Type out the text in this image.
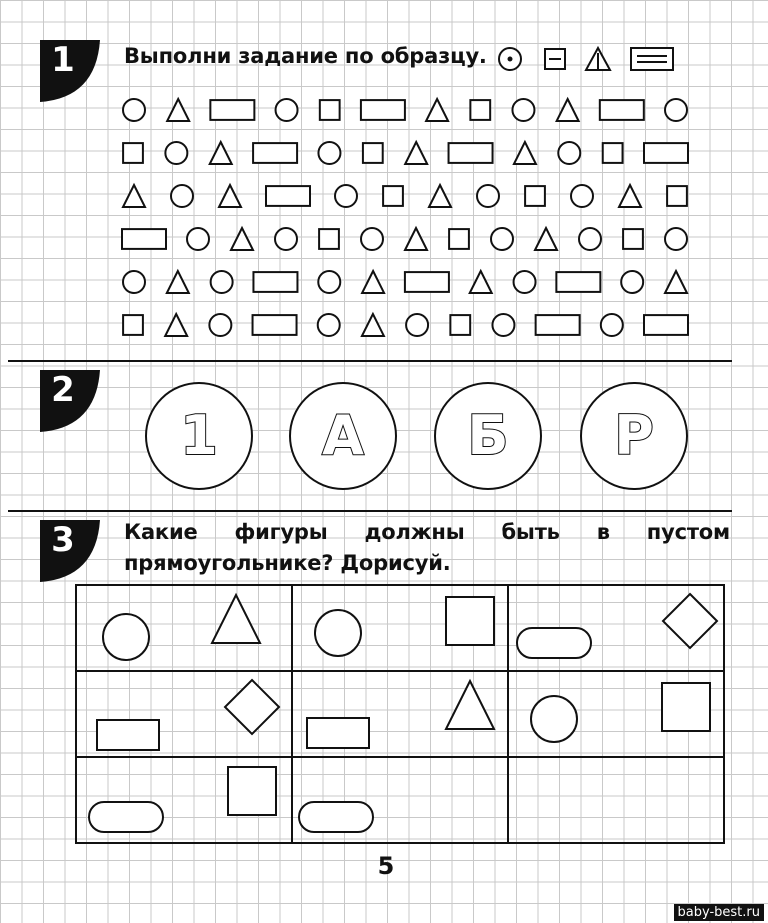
1	Выполни задание по образцу.
2
1	А	Б	Р
3	Какие фигуры должны быть в пустом
прямоугольнике? Дорисуй.
5
baby-best.ru
